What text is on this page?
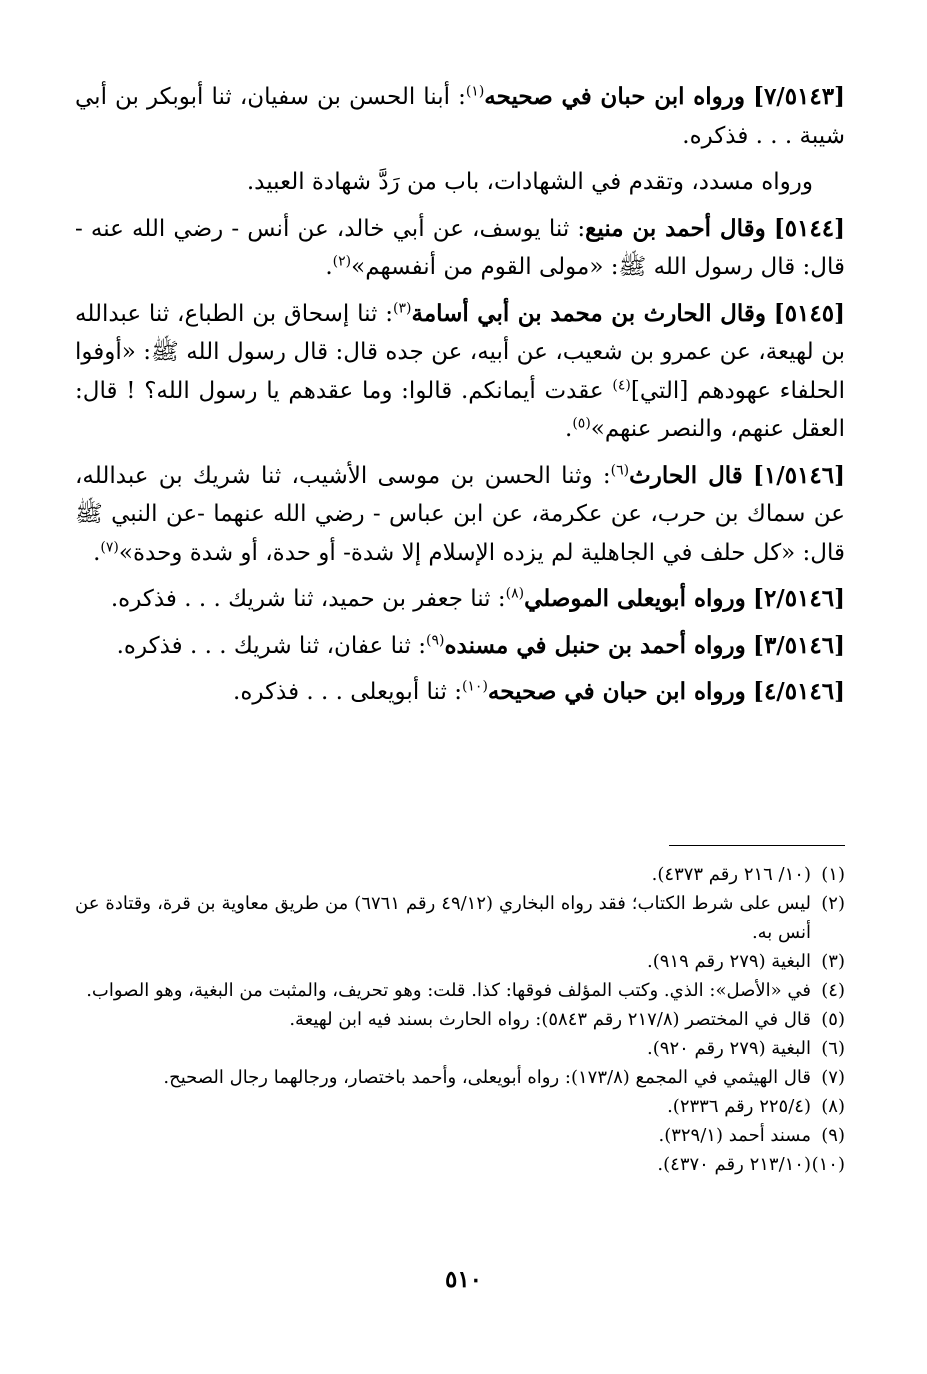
[٧/٥١٤٣] ورواه ابن حبان في صحيحه$^{(١)}$: أبنا الحسن بن سفيان، ثنا أبوبكر بن أبي شيبة . . . فذكره.

ورواه مسدد، وتقدم في الشهادات، باب من رَدَّ شهادة العبيد.

[٥١٤٤] وقال أحمد بن منيع: ثنا يوسف، عن أبي خالد، عن أنس - رضي الله عنه - قال: قال رسول الله ﷺ: «مولى القوم من أنفسهم»$^{(٢)}$.

[٥١٤٥] وقال الحارث بن محمد بن أبي أسامة$^{(٣)}$: ثنا إسحاق بن الطباع، ثنا عبدالله بن لهيعة، عن عمرو بن شعيب، عن أبيه، عن جده قال: قال رسول الله ﷺ: «أوفوا الحلفاء عهودهم [التي]$^{(٤)}$ عقدت أيمانكم. قالوا: وما عقدهم يا رسول الله؟ ! قال: العقل عنهم، والنصر عنهم»$^{(٥)}$.

[١/٥١٤٦] قال الحارث$^{(٦)}$: وثنا الحسن بن موسى الأشيب، ثنا شريك بن عبدالله، عن سماك بن حرب، عن عكرمة، عن ابن عباس - رضي الله عنهما -عن النبي ﷺ قال: «كل حلف في الجاهلية لم يزده الإسلام إلا شدة- أو حدة، أو شدة وحدة»$^{(٧)}$.

[٢/٥١٤٦] ورواه أبويعلى الموصلي$^{(٨)}$: ثنا جعفر بن حميد، ثنا شريك . . . فذكره.

[٣/٥١٤٦] ورواه أحمد بن حنبل في مسنده$^{(٩)}$: ثنا عفان، ثنا شريك . . . فذكره.

[٤/٥١٤٦] ورواه ابن حبان في صحيحه$^{(١٠)}$: ثنا أبويعلى . . . فذكره.

(١)
(١٠/ ٢١٦ رقم ٤٣٧٣).

(٢)
ليس على شرط الكتاب؛ فقد رواه البخاري (٤٩/١٢ رقم ٦٧٦١) من طريق معاوية بن قرة، وقتادة عن أنس به.

(٣)
البغية (٢٧٩ رقم ٩١٩).

(٤)
في «الأصل»: الذي. وكتب المؤلف فوقها: كذا. قلت: وهو تحريف، والمثبت من البغية، وهو الصواب.

(٥)
قال في المختصر (٢١٧/٨ رقم ٥٨٤٣): رواه الحارث بسند فيه ابن لهيعة.

(٦)
البغية (٢٧٩ رقم ٩٢٠).

(٧)
قال الهيثمي في المجمع (١٧٣/٨): رواه أبويعلى، وأحمد باختصار، ورجالهما رجال الصحيح.

(٨)
(٢٢٥/٤ رقم ٢٣٣٦).

(٩)
مسند أحمد (٣٢٩/١).

(١٠)
(٢١٣/١٠ رقم ٤٣٧٠).

٥١٠
